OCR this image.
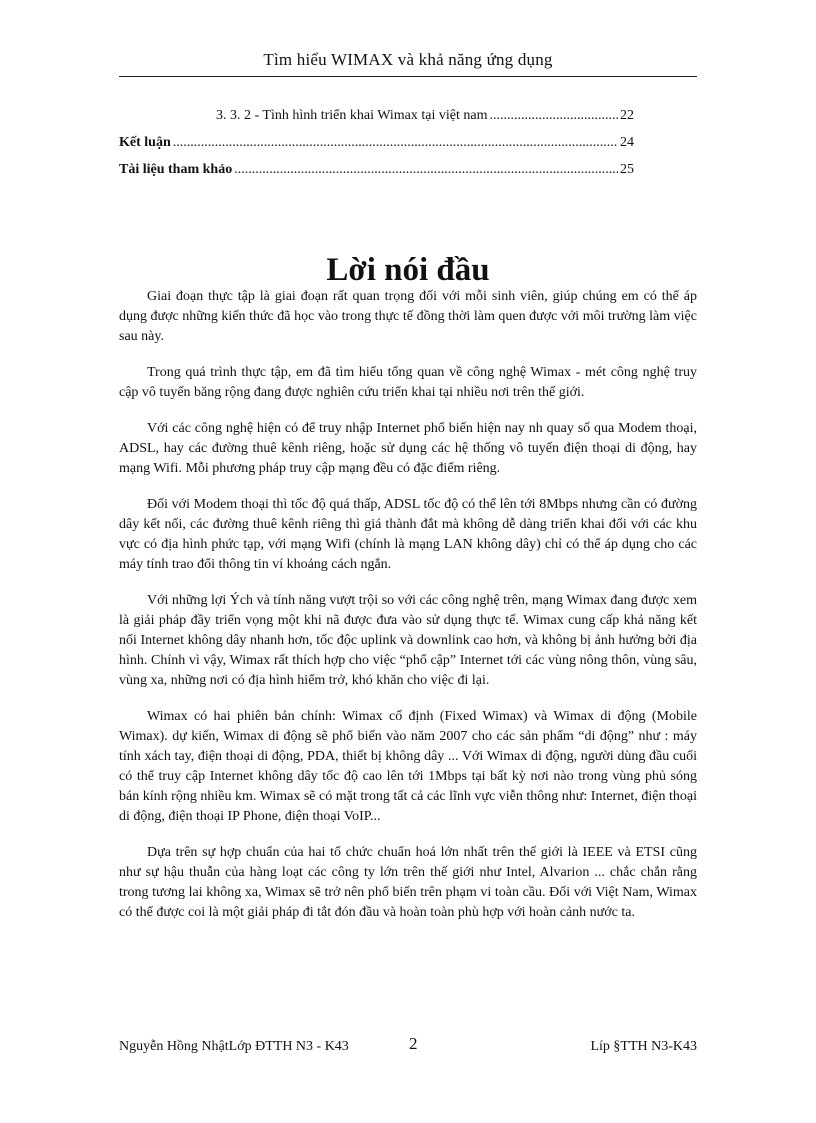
Tìm hiểu WIMAX và khả năng ứng dụng
3. 3. 2 - Tình hình triển khai Wimax tại việt nam .....	22
Kết luận .....	24
Tài liệu tham khảo .....	25
Lời nói đầu

Giai đoạn thực tập là giai đoạn rất quan trọng đối với mỗi sinh viên, giúp chúng em có thể áp dụng được những kiến thức đã học vào trong thực tế đồng thời làm quen được với môi trường làm việc sau này.

Trong quá trình thực tập, em đã tìm hiểu tổng quan về công nghệ Wimax - mét công nghệ truy cập vô tuyến băng rộng đang được nghiên cứu triển khai tại nhiều nơi trên thế giới.

Với các công nghệ hiện có để truy nhập Internet phổ biến hiện nay nh quay số qua Modem thoại, ADSL, hay các đường thuê kênh riêng, hoặc sử dụng các hệ thống vô tuyến điện thoại di động, hay mạng Wifi. Mỗi phương pháp truy cập mạng đều có đặc điểm riêng.

Đối với Modem thoại thì tốc độ quá thấp, ADSL tốc độ có thể lên tới 8Mbps nhưng cần có đường dây kết nối, các đường thuê kênh riêng thì giá thành đắt mà không dễ dàng triển khai đối với các khu vực có địa hình phức tạp, với mạng Wifi (chính là mạng LAN không dây) chỉ có thể áp dụng cho các máy tính trao đổi thông tin ví khoảng cách ngắn.

Với những lợi Ých và tính năng vượt trội so với các công nghệ trên, mạng Wimax đang được xem là giải pháp đầy triển vọng một khi nã được đưa vào sử dụng thực tế. Wimax cung cấp khả năng kết nối Internet không dây nhanh hơn, tốc độc uplink và downlink cao hơn, và không bị ảnh hưởng bởi địa hình. Chính vì vậy, Wimax rất thích hợp cho việc “phổ cập” Internet tới các vùng nông thôn, vùng sâu, vùng xa, những nơi có địa hình hiểm trở, khó khăn cho việc đi lại.

Wimax có hai phiên bản chính: Wimax cố định (Fixed Wimax) và Wimax di động (Mobile Wimax). dự kiến, Wimax di động sẽ phổ biến vào năm 2007 cho các sản phẩm “di động” như : máy tính xách tay, điện thoại di động, PDA, thiết bị không dây ... Với Wimax di động, người dùng đầu cuối có thể truy cập Internet không dây tốc độ cao lên tới 1Mbps tại bất kỳ nơi nào trong vùng phủ sóng bán kính rộng nhiều km. Wimax sẽ có mặt trong tất cả các lĩnh vực viễn thông như: Internet, điện thoại di động, điện thoại IP Phone, điện thoại VoIP...

Dựa trên sự hợp chuẩn của hai tổ chức chuẩn hoá lớn nhất trên thế giới là IEEE và ETSI cũng như sự hậu thuẫn của hàng loạt các công ty lớn trên thế giới như Intel, Alvarion ... chắc chắn rằng trong tương lai không xa, Wimax sẽ trở nên phổ biến trên phạm vi toàn cầu. Đối với Việt Nam, Wimax có thể được coi là một giải pháp đi tắt đón đầu và hoàn toàn phù hợp với hoàn cảnh nước ta.

Nguyễn Hồng NhậtLớp ĐTTH N3 - K43	2	Líp §TTH N3-K43
